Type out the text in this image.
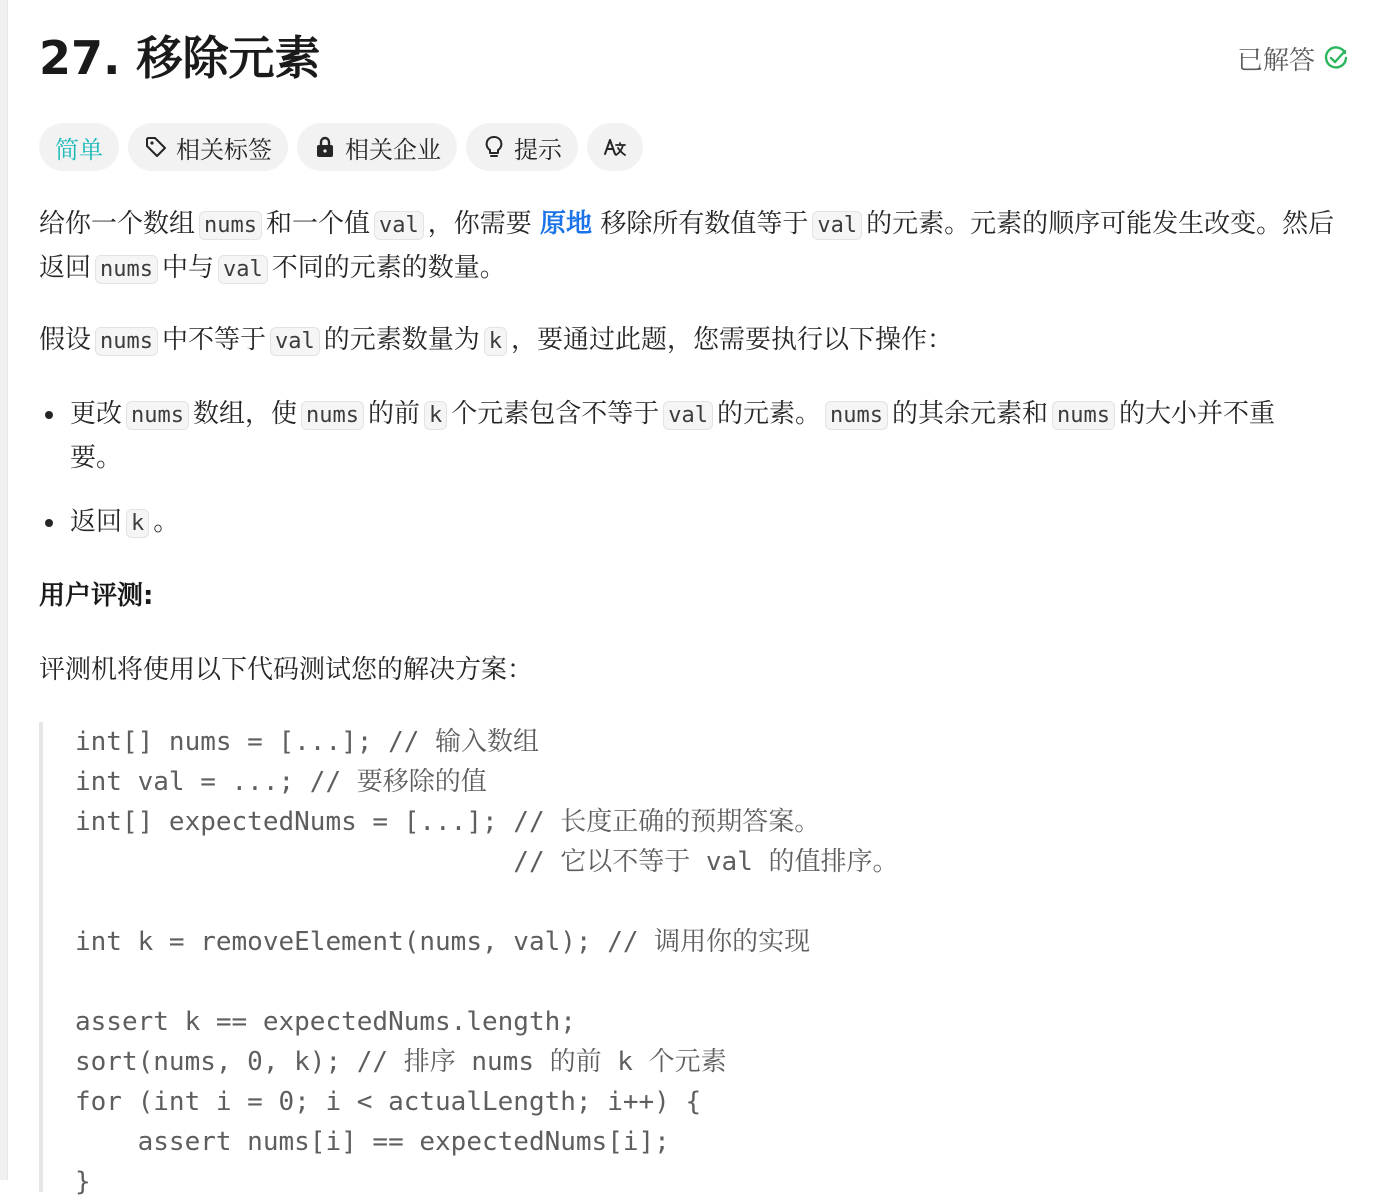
27. 移除元素	已解答
简单	相关标签	相关企业	提示

给你一个数组 nums 和一个值 val ，你需要 原地 移除所有数值等于 val 的元素。元素的顺序可能发生改变。然后返回 nums 中与 val 不同的元素的数量。

假设 nums 中不等于 val 的元素数量为 k ，要通过此题，您需要执行以下操作：

更改 nums 数组，使 nums 的前 k 个元素包含不等于 val 的元素。 nums 的其余元素和 nums 的大小并不重要。
返回 k 。
用户评测:

评测机将使用以下代码测试您的解决方案：

int[] nums = [...]; // 输入数组
int val = ...; // 要移除的值
int[] expectedNums = [...]; // 长度正确的预期答案。
// 它以不等于 val 的值排序。
int k = removeElement(nums, val); // 调用你的实现
assert k == expectedNums.length;
sort(nums, 0, k); // 排序 nums 的前 k 个元素
for (int i = 0; i < actualLength; i++) {
assert nums[i] == expectedNums[i];
}
